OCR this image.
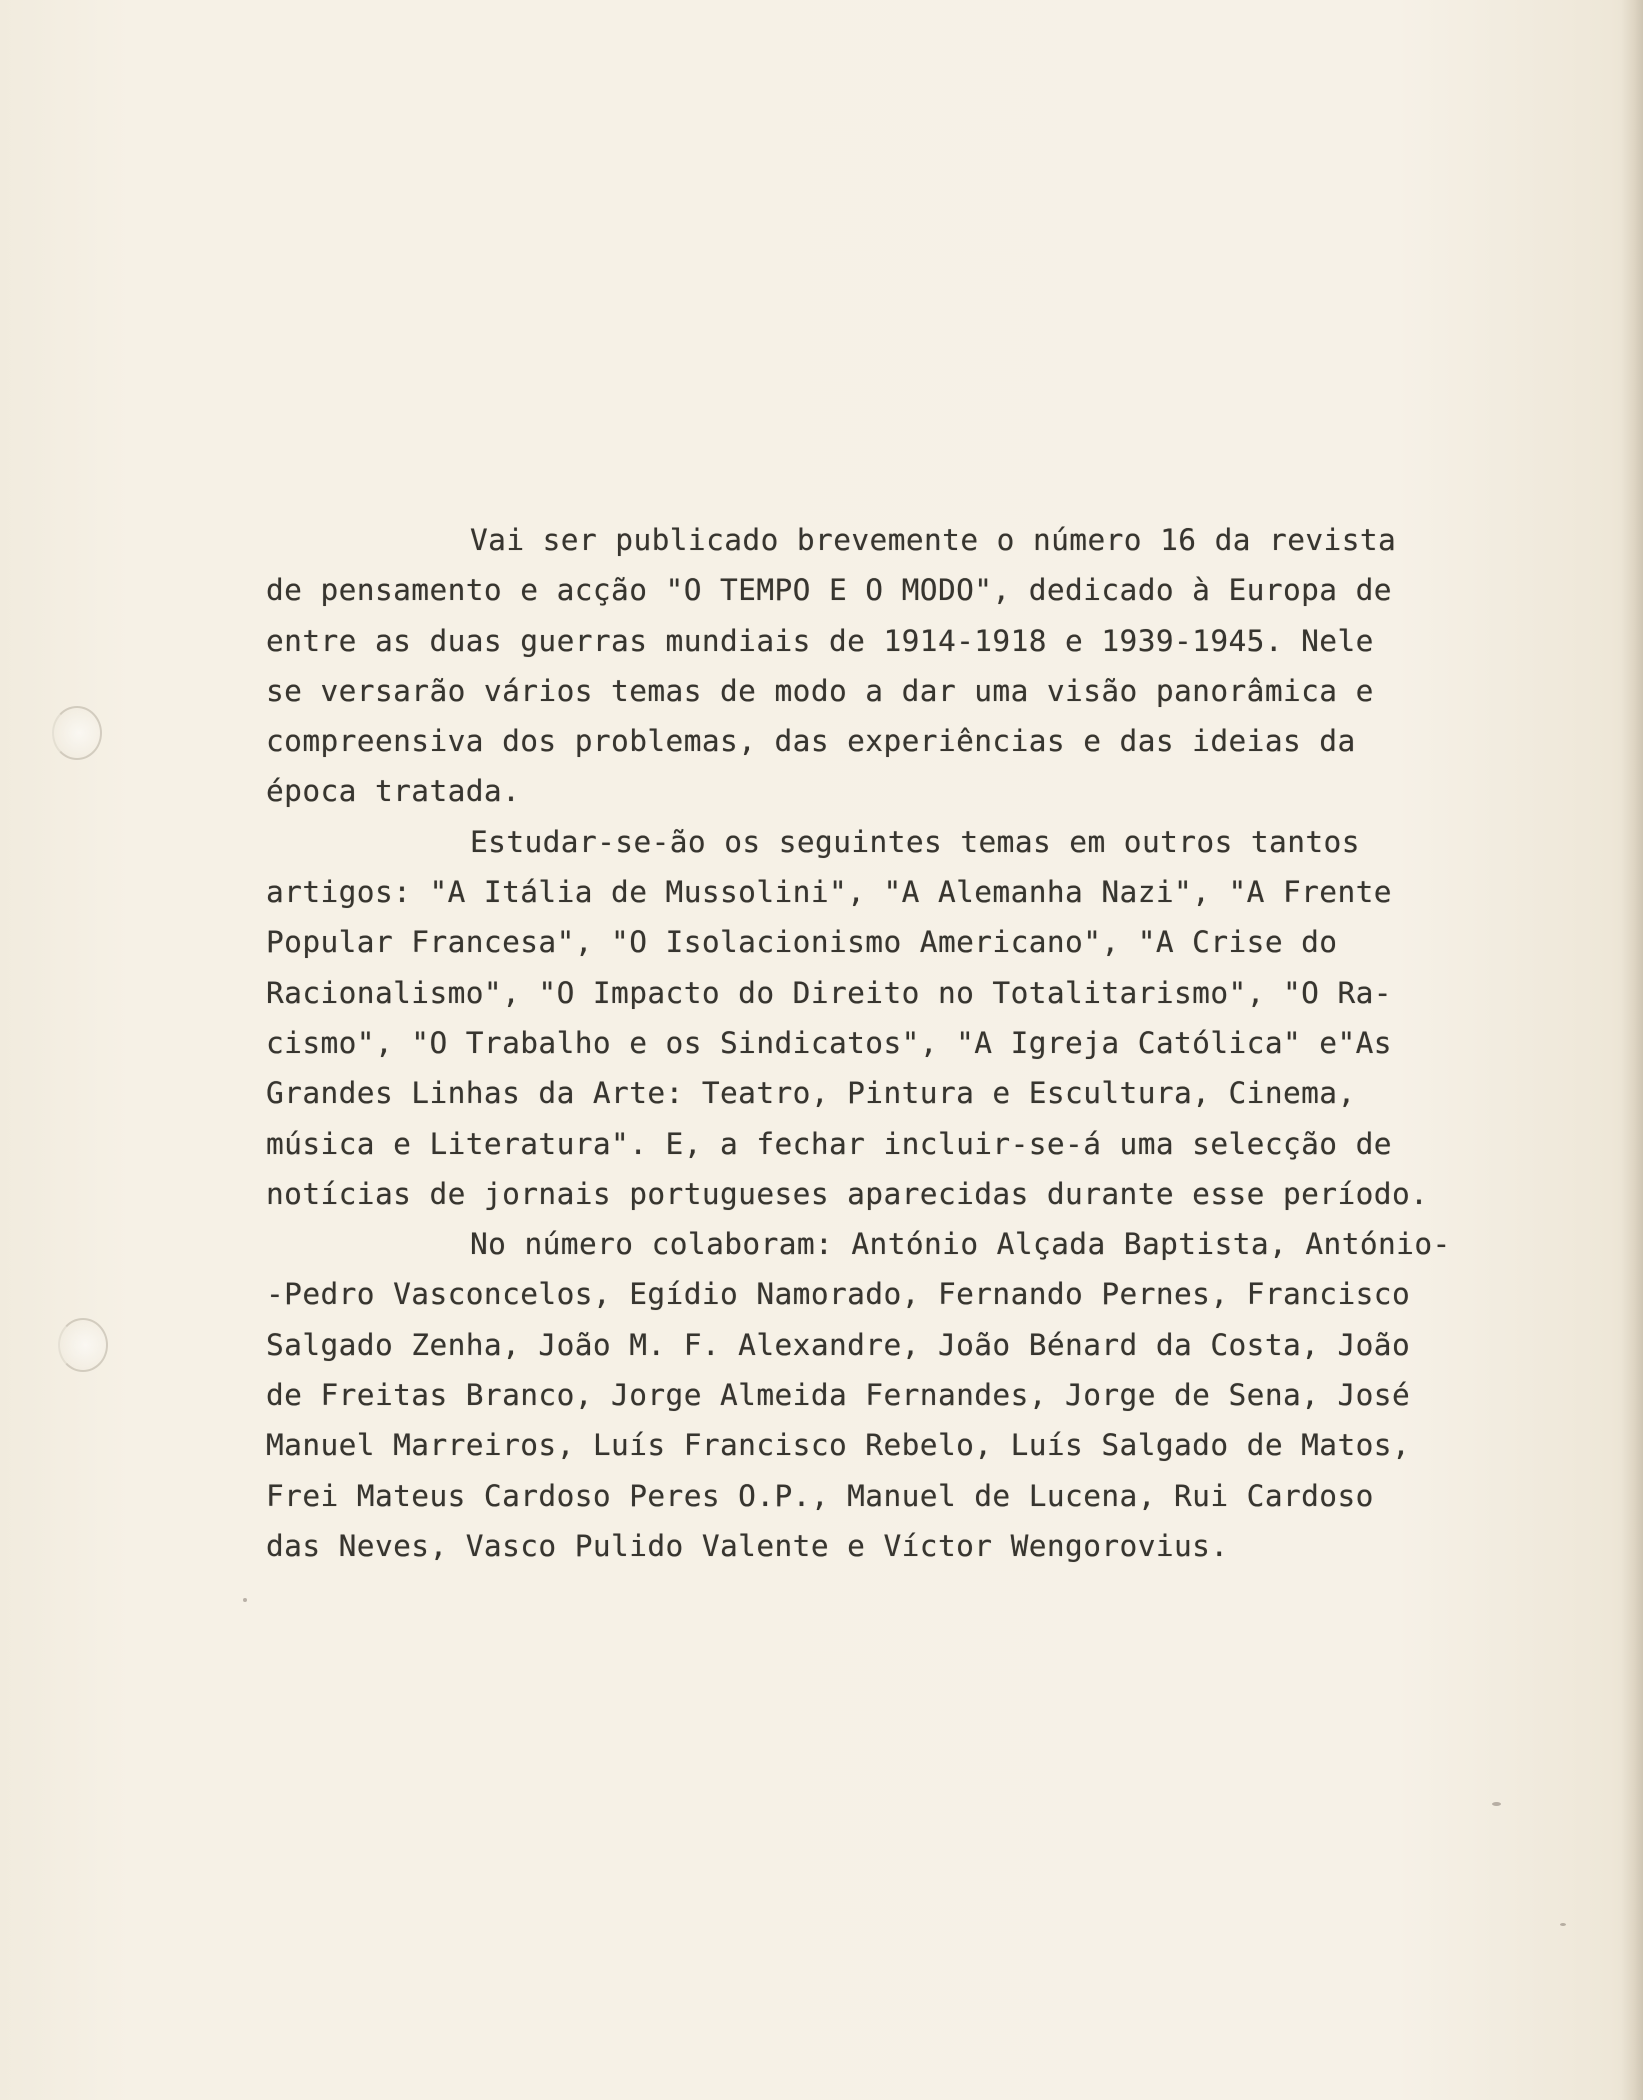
Vai ser publicado brevemente o número 16 da revista
de pensamento e acção "O TEMPO E O MODO", dedicado à Europa de
entre as duas guerras mundiais de 1914-1918 e 1939-1945. Nele
se versarão vários temas de modo a dar uma visão panorâmica e
compreensiva dos problemas, das experiências e das ideias da
época tratada.
Estudar-se-ão os seguintes temas em outros tantos
artigos: "A Itália de Mussolini", "A Alemanha Nazi", "A Frente
Popular Francesa", "O Isolacionismo Americano", "A Crise do
Racionalismo", "O Impacto do Direito no Totalitarismo", "O Ra-
cismo", "O Trabalho e os Sindicatos", "A Igreja Católica" e"As
Grandes Linhas da Arte: Teatro, Pintura e Escultura, Cinema,
música e Literatura". E, a fechar incluir-se-á uma selecção de
notícias de jornais portugueses aparecidas durante esse período.
No número colaboram: António Alçada Baptista, António-
-Pedro Vasconcelos, Egídio Namorado, Fernando Pernes, Francisco
Salgado Zenha, João M. F. Alexandre, João Bénard da Costa, João
de Freitas Branco, Jorge Almeida Fernandes, Jorge de Sena, José
Manuel Marreiros, Luís Francisco Rebelo, Luís Salgado de Matos,
Frei Mateus Cardoso Peres O.P., Manuel de Lucena, Rui Cardoso
das Neves, Vasco Pulido Valente e Víctor Wengorovius.
